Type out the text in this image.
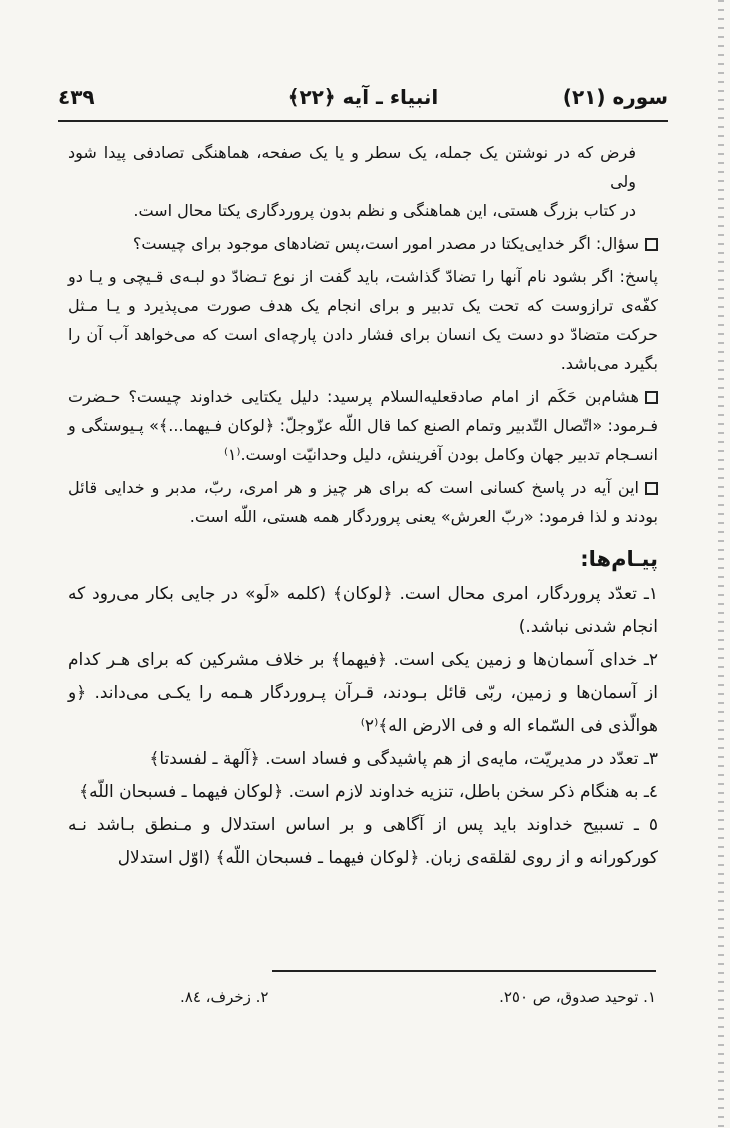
سوره (٢١)
انبیاء ـ آیه ﴿٢٢﴾
٤٣٩

فرض که در نوشتن یک جمله، یک سطر و یا یک صفحه، هماهنگی تصادفی پیدا شود ولی
در کتاب بزرگ هستی، این هماهنگی و نظم بدون پروردگاری یکتا محال است.

سؤال: اگر خدایی‌یکتا در مصدر امور است،پس تضادهای موجود برای چیست؟

پاسخ: اگر بشود نام آنها را تضادّ گذاشت، باید گفت از نوع تـضادّ دو لبـه‌ی قـیچی و یـا دو کفّه‌ی ترازوست که تحت یک تدبیر و برای انجام یک هدف صورت می‌پذیرد و یـا مـثل حرکت متضادّ دو دست یک انسان برای فشار دادن پارچه‌ای است که می‌خواهد آب آن را بگیرد می‌باشد.

هشام‌بن حَکَم از امام صادقعليه‌السلام پرسید: دلیل یکتایی خداوند چیست؟ حـضرت فـرمود: «اتّصال التّدبیر وتمام الصنع کما قال اللّه عزّوجلّ: ﴿لوکان فـیهما...﴾» پـیوستگی و انسـجام تدبیر جهان وکامل بودن آفرینش، دلیل وحدانیّت اوست.⁽١⁾

این آیه در پاسخ کسانی است که برای هر چیز و هر امری، ربّ، مدبر و خدایی قائل بودند و لذا فرمود: «ربّ العرش» یعنی پروردگار همه هستی، اللّه است.

پیـام‌ها:

١ـ تعدّد پروردگار، امری محال است. ﴿لوکان﴾ (کلمه «لَو» در جایی بکار می‌رود که انجام شدنی نباشد.)

٢ـ خدای آسمان‌ها و زمین یکی است. ﴿فیهما﴾ بر خلاف مشرکین که برای هـر کدام از آسمان‌ها و زمین، ربّی قائل بـودند، قـرآن پـروردگار هـمه را یکـی می‌داند. ﴿و هوالّذی فی السّماء اله و فی الارض اله﴾⁽٢⁾

٣ـ تعدّد در مدیریّت، مایه‌ی از هم پاشیدگی و فساد است. ﴿آلهة ـ لفسدتا﴾

٤ـ به هنگام ذکر سخن باطل، تنزیه خداوند لازم است. ﴿لوکان فیهما ـ فسبحان اللّه﴾

٥ ـ تسبیح خداوند باید پس از آگاهی و بر اساس استدلال و مـنطق بـاشد نـه کورکورانه و از روی لقلقه‌ی زبان. ﴿لوکان فیهما ـ فسبحان اللّه﴾ (اوّل استدلال

١. توحید صدوق، ص ٢٥٠.
٢. زخرف، ٨٤.
